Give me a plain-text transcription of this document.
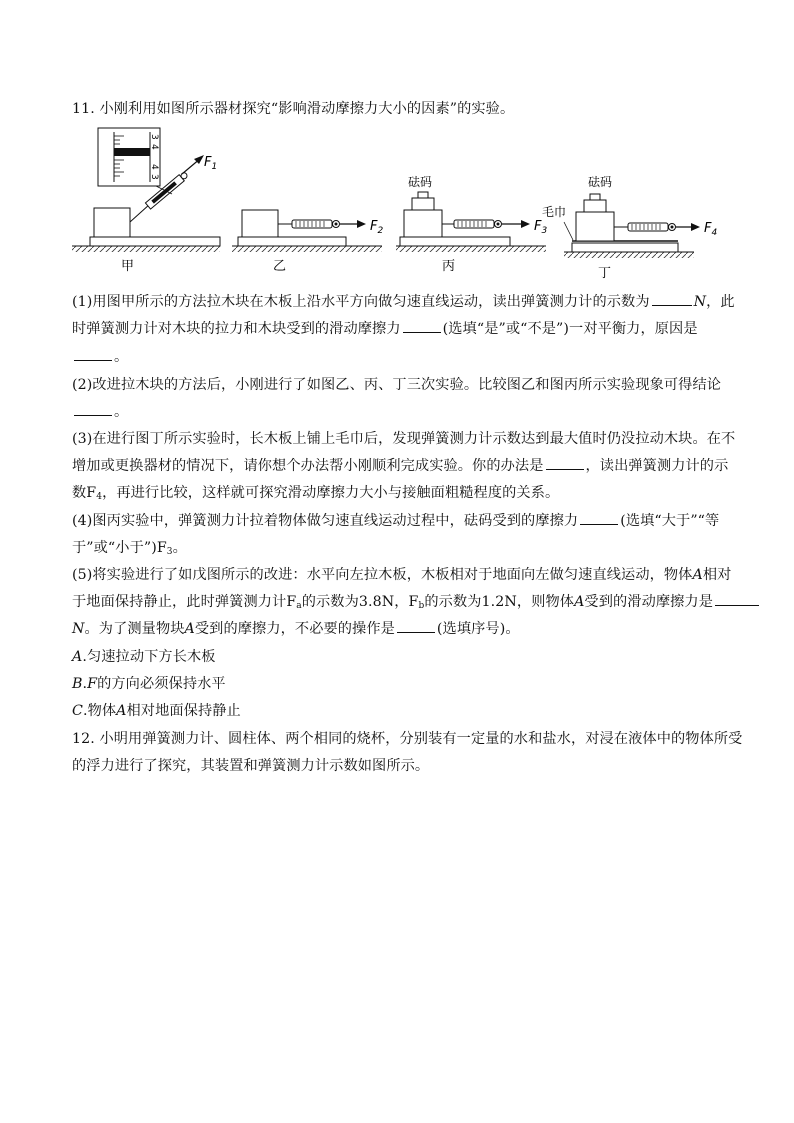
11. 小刚利用如图所示器材探究“影响滑动摩擦力大小的因素”的实验。
$F_1$
3
4
4
3
甲
$F_2$
乙
砝码
$F_3$
丙
砝码
毛巾
$F_4$
丁
(1)用图甲所示的方法拉木块在木板上沿水平方向做匀速直线运动，读出弹簧测力计的示数为	N，此
时弹簧测力计对木块的拉力和木块受到的滑动摩擦力	(选填“是”或“不是”)一对平衡力，原因是
。
(2)改进拉木块的方法后，小刚进行了如图乙、丙、丁三次实验。比较图乙和图丙所示实验现象可得结论
。
(3)在进行图丁所示实验时，长木板上铺上毛巾后，发现弹簧测力计示数达到最大值时仍没拉动木块。在不
增加或更换器材的情况下，请你想个办法帮小刚顺利完成实验。你的办法是	，读出弹簧测力计的示
数$F_4$，再进行比较，这样就可探究滑动摩擦力大小与接触面粗糙程度的关系。
(4)图丙实验中，弹簧测力计拉着物体做匀速直线运动过程中，砝码受到的摩擦力	(选填“大于”“等
于”或“小于$”)F_3$。
(5)将实验进行了如戊图所示的改进：水平向左拉木板，木板相对于地面向左做匀速直线运动，物体A相对
于地面保持静止，此时弹簧测力计$F_a$的示数为3.8N，$F_b$的示数为1.2N，则物体A受到的滑动摩擦力是
N。为了测量物块A受到的摩擦力，不必要的操作是	(选填序号)。
A.匀速拉动下方长木板
B.F的方向必须保持水平
C.物体A相对地面保持静止
12. 小明用弹簧测力计、圆柱体、两个相同的烧杯，分别装有一定量的水和盐水，对浸在液体中的物体所受
的浮力进行了探究，其装置和弹簧测力计示数如图所示。
